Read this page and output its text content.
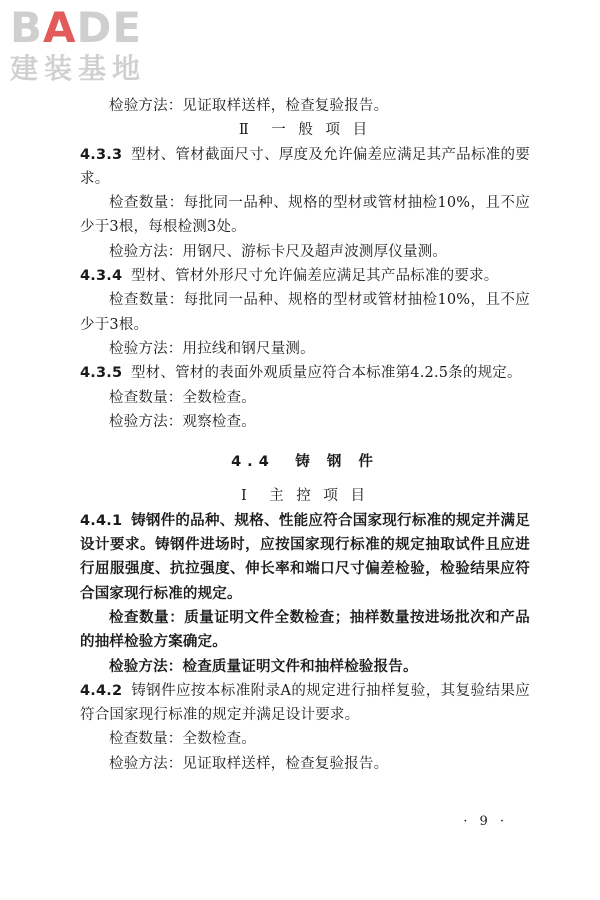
BADE
建装基地

检验方法：见证取样送样，检查复验报告。

Ⅱ　一 般 项 目

4.3.3 型材、管材截面尺寸、厚度及允许偏差应满足其产品标准的要求。

检查数量：每批同一品种、规格的型材或管材抽检10%，且不应少于3根，每根检测3处。

检验方法：用钢尺、游标卡尺及超声波测厚仪量测。

4.3.4 型材、管材外形尺寸允许偏差应满足其产品标准的要求。

检查数量：每批同一品种、规格的型材或管材抽检10%，且不应少于3根。

检验方法：用拉线和钢尺量测。

4.3.5 型材、管材的表面外观质量应符合本标准第4.2.5条的规定。

检查数量：全数检查。

检验方法：观察检查。

4.4　铸 钢 件

Ⅰ　主 控 项 目

4.4.1 铸钢件的品种、规格、性能应符合国家现行标准的规定并满足设计要求。铸钢件进场时，应按国家现行标准的规定抽取试件且应进行屈服强度、抗拉强度、伸长率和端口尺寸偏差检验，检验结果应符合国家现行标准的规定。

检查数量：质量证明文件全数检查；抽样数量按进场批次和产品的抽样检验方案确定。

检验方法：检查质量证明文件和抽样检验报告。

4.4.2 铸钢件应按本标准附录A的规定进行抽样复验，其复验结果应符合国家现行标准的规定并满足设计要求。

检查数量：全数检查。

检验方法：见证取样送样，检查复验报告。

· 9 ·
